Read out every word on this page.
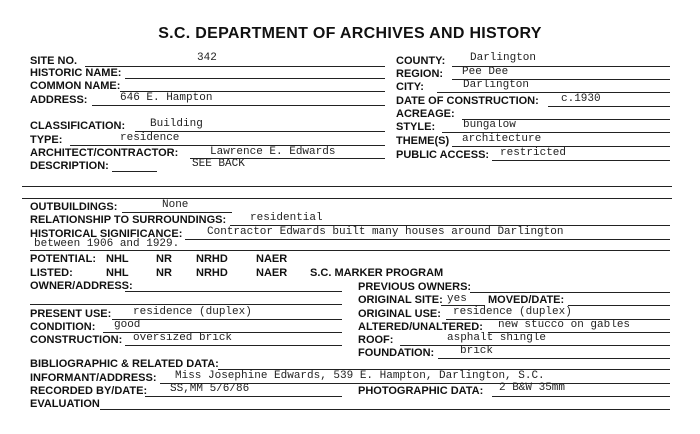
S.C. DEPARTMENT OF ARCHIVES AND HISTORY
SITE NO.	342
HISTORIC NAME:
COMMON NAME:
ADDRESS:	646 E. Hampton
CLASSIFICATION: Building
TYPE:	residence
ARCHITECT/CONTRACTOR:	Lawrence E. Edwards
DESCRIPTION:	SEE BACK
COUNTY: Darlington
REGION: Pee Dee
CITY:	Darlington
DATE OF CONSTRUCTION: c.1930
ACREAGE:
STYLE:	bungalow
THEME(S) architecture
PUBLIC ACCESS: restricted
OUTBUILDINGS:	None
RELATIONSHIP TO SURROUNDINGS: residential
HISTORICAL SIGNIFICANCE: Contractor Edwards built many houses around Darlington
between 1906 and 1929.
POTENTIAL: NHL NR NRHD	NAER
LISTED:	NHL NR NRHD	NAER S.C. MARKER PROGRAM
OWNER/ADDRESS:	PREVIOUS OWNERS:
ORIGINAL SITE: yes MOVED/DATE:
PRESENT USE: residence (duplex)	ORIGINAL USE: residence (duplex)
CONDITION: good	ALTERED/UNALTERED: new stucco on gables
CONSTRUCTION: oversized brick	ROOF:	asphalt shingle
FOUNDATION: brick
BIBLIOGRAPHIC & RELATED DATA:
INFORMANT/ADDRESS: Miss Josephine Edwards, 539 E. Hampton, Darlington, S.C.
RECORDED BY/DATE: SS,MM 5/6/86	PHOTOGRAPHIC DATA: 2 B&W 35mm
EVALUATION
